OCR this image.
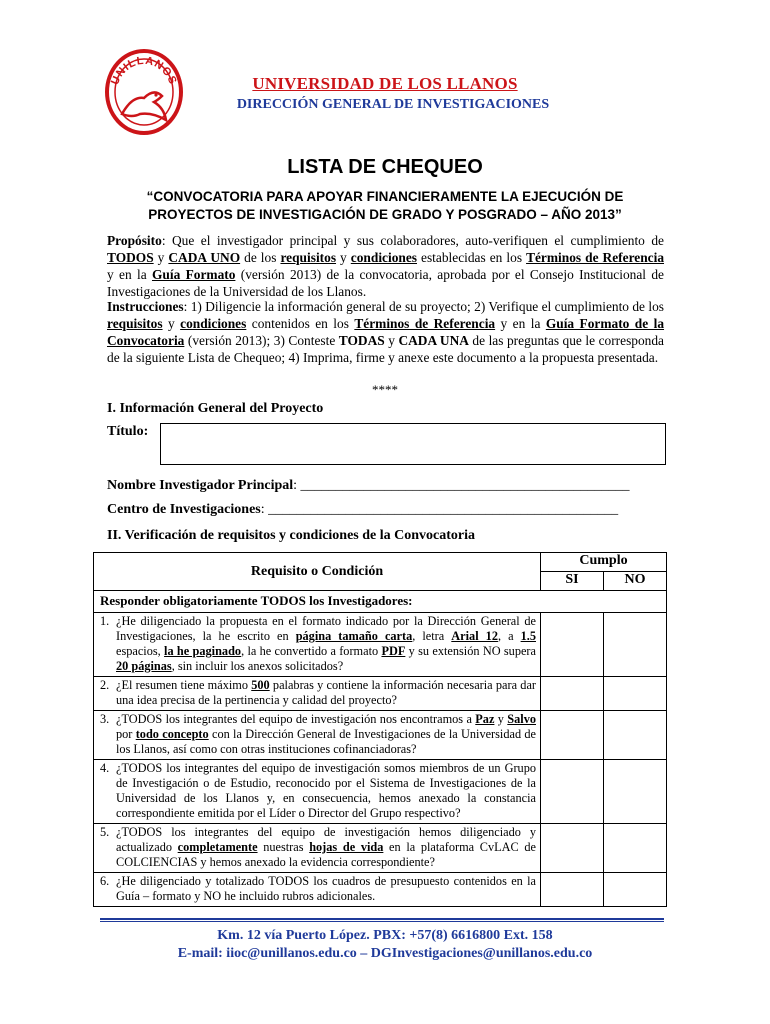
UNILLANOS	UNIVERSIDAD DE LOS LLANOS
DIRECCIÓN GENERAL DE INVESTIGACIONES
LISTA DE CHEQUEO
“CONVOCATORIA PARA APOYAR FINANCIERAMENTE LA EJECUCIÓN DE
PROYECTOS DE INVESTIGACIÓN DE GRADO Y POSGRADO – AÑO 2013”
Propósito: Que el investigador principal y sus colaboradores, auto-verifiquen el cumplimiento de TODOS y CADA UNO de los requisitos y condiciones establecidas en los Términos de Referencia y en la Guía Formato (versión 2013) de la convocatoria, aprobada por el Consejo Institucional de Investigaciones de la Universidad de los Llanos.
Instrucciones: 1) Diligencie la información general de su proyecto; 2) Verifique el cumplimiento de los requisitos y condiciones contenidos en los Términos de Referencia y en la Guía Formato de la Convocatoria (versión 2013); 3) Conteste TODAS y CADA UNA de las preguntas que le corresponda de la siguiente Lista de Chequeo; 4) Imprima, firme y anexe este documento a la propuesta presentada.
****
I. Información General del Proyecto
Título:
Nombre Investigador Principal: _______________________________________________
Centro de Investigaciones: __________________________________________________
II. Verificación de requisitos y condiciones de la Convocatoria
Requisito o Condición	Cumplo	
	SI	NO
Responder obligatoriamente TODOS los Investigadores:		

1. ¿He diligenciado la propuesta en el formato indicado por la Dirección General de Investigaciones, la he escrito en página tamaño carta, letra Arial 12, a 1.5 espacios, la he paginado, la he convertido a formato PDF y su extensión NO supera 20 páginas, sin incluir los anexos solicitados?		

2. ¿El resumen tiene máximo 500 palabras y contiene la información necesaria para dar una idea precisa de la pertinencia y calidad del proyecto?		

3. ¿TODOS los integrantes del equipo de investigación nos encontramos a Paz y Salvo por todo concepto con la Dirección General de Investigaciones de la Universidad de los Llanos, así como con otras instituciones cofinanciadoras?		

4. ¿TODOS los integrantes del equipo de investigación somos miembros de un Grupo de Investigación o de Estudio, reconocido por el Sistema de Investigaciones de la Universidad de los Llanos y, en consecuencia, hemos anexado la constancia correspondiente emitida por el Líder o Director del Grupo respectivo?		

5. ¿TODOS los integrantes del equipo de investigación hemos diligenciado y actualizado completamente nuestras hojas de vida en la plataforma CvLAC de COLCIENCIAS y hemos anexado la evidencia correspondiente?		

6. ¿He diligenciado y totalizado TODOS los cuadros de presupuesto contenidos en la Guía – formato y NO he incluido rubros adicionales.		

Km. 12 vía Puerto López. PBX: +57(8) 6616800 Ext. 158
E-mail: iioc@unillanos.edu.co – DGInvestigaciones@unillanos.edu.co
